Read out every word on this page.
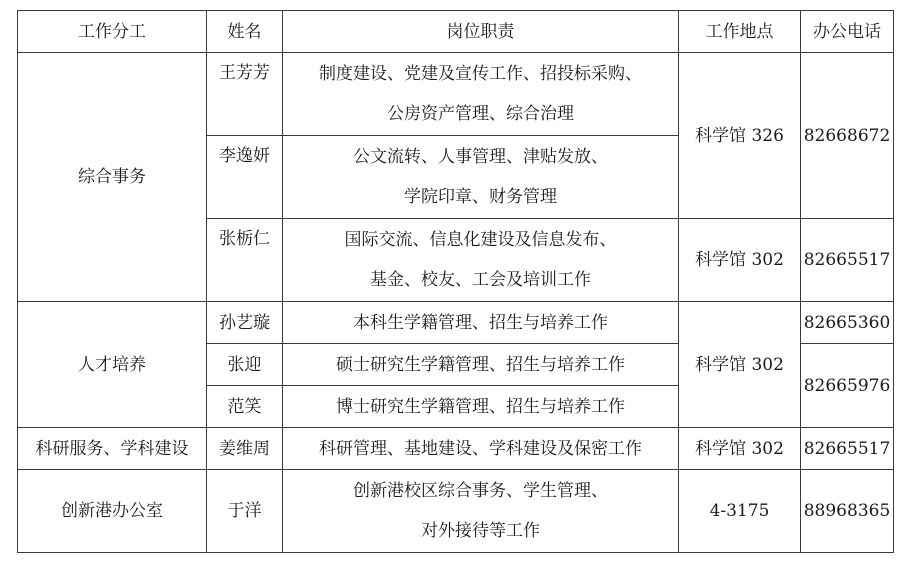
工作分工	姓名	岗位职责	工作地点	办公电话
综合事务	王芳芳	制度建设、党建及宣传工作、招投标采购、
公房资产管理、综合治理	科学馆 326	82668672
	李逸妍	公文流转、人事管理、津贴发放、
学院印章、财务管理		

	张栃仁	国际交流、信息化建设及信息发布、
基金、校友、工会及培训工作	科学馆 302	82665517
人才培养	孙艺璇	本科生学籍管理、招生与培养工作	科学馆 302	82665360
	张迎	硕士研究生学籍管理、招生与培养工作		82665976
	范笑	博士研究生学籍管理、招生与培养工作		
科研服务、学科建设	姜维周	科研管理、基地建设、学科建设及保密工作	科学馆 302	82665517
创新港办公室	于洋	创新港校区综合事务、学生管理、
对外接待等工作	4-3175	88968365
